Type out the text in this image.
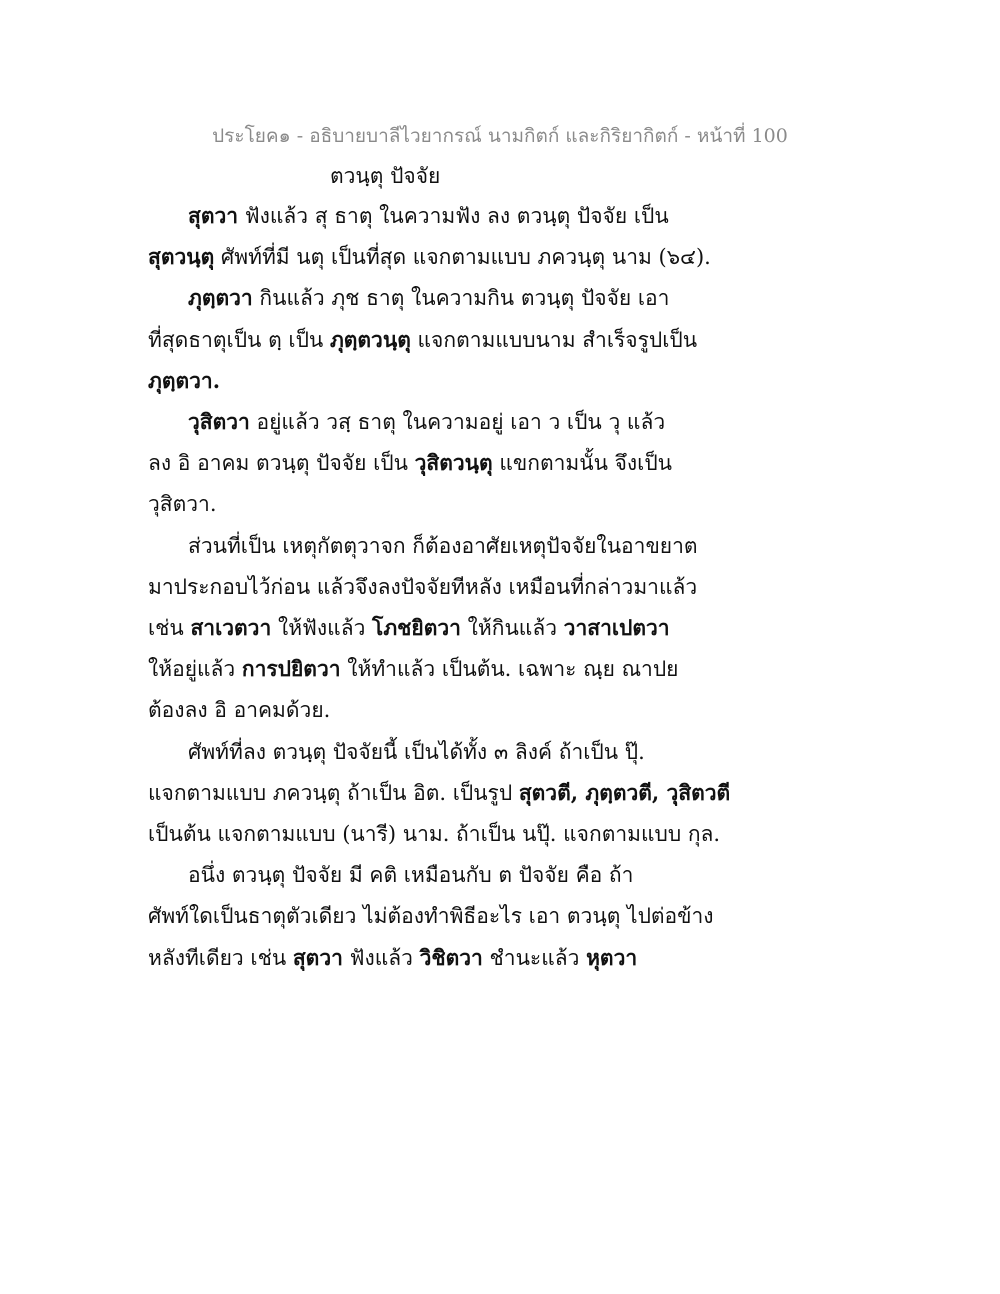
ประโยค๑ - อธิบายบาลีไวยากรณ์ นามกิตก์ และกิริยากิตก์ - หน้าที่ 100
ตวนฺตุ ปัจจัย
สุตวา ฟังแล้ว สุ ธาตุ ในความฟัง ลง ตวนฺตุ ปัจจัย เป็น
สุตวนฺตุ ศัพท์ที่มี นตุ เป็นที่สุด แจกตามแบบ ภควนฺตุ นาม (๖๔).
ภุตฺตวา กินแล้ว ภุช ธาตุ ในความกิน ตวนฺตุ ปัจจัย เอา
ที่สุดธาตุเป็น ตฺ เป็น ภุตฺตวนฺตุ แจกตามแบบนาม สำเร็จรูปเป็น
ภุตฺตวา.
วุสิตวา อยู่แล้ว วสฺ ธาตุ ในความอยู่ เอา ว เป็น วุ แล้ว
ลง อิ อาคม ตวนฺตุ ปัจจัย เป็น วุสิตวนฺตุ แขกตามนั้น จึงเป็น
วุสิตวา.
ส่วนที่เป็น เหตุกัตตุวาจก ก็ต้องอาศัยเหตุปัจจัยในอาขยาต
มาประกอบไว้ก่อน แล้วจึงลงปัจจัยทีหลัง เหมือนที่กล่าวมาแล้ว
เช่น สาเวตวา ให้ฟังแล้ว โภชยิตวา ให้กินแล้ว วาสาเปตวา
ให้อยู่แล้ว การปยิตวา ให้ทำแล้ว เป็นต้น. เฉพาะ ณฺย ณาปย
ต้องลง อิ อาคมด้วย.
ศัพท์ที่ลง ตวนฺตุ ปัจจัยนี้ เป็นได้ทั้ง ๓ ลิงค์ ถ้าเป็น ปุ๊.
แจกตามแบบ ภควนฺตุ ถ้าเป็น อิต. เป็นรูป สุตวตี, ภุตฺตวตี, วุสิตวตี
เป็นต้น แจกตามแบบ (นารี) นาม. ถ้าเป็น นปุ๊. แจกตามแบบ กุล.
อนึ่ง ตวนฺตุ ปัจจัย มี คติ เหมือนกับ ต ปัจจัย คือ ถ้า
ศัพท์ใดเป็นธาตุตัวเดียว ไม่ต้องทำพิธีอะไร เอา ตวนฺตุ ไปต่อข้าง
หลังทีเดียว เช่น สุตวา ฟังแล้ว วิชิตวา ชำนะแล้ว หุตวา
